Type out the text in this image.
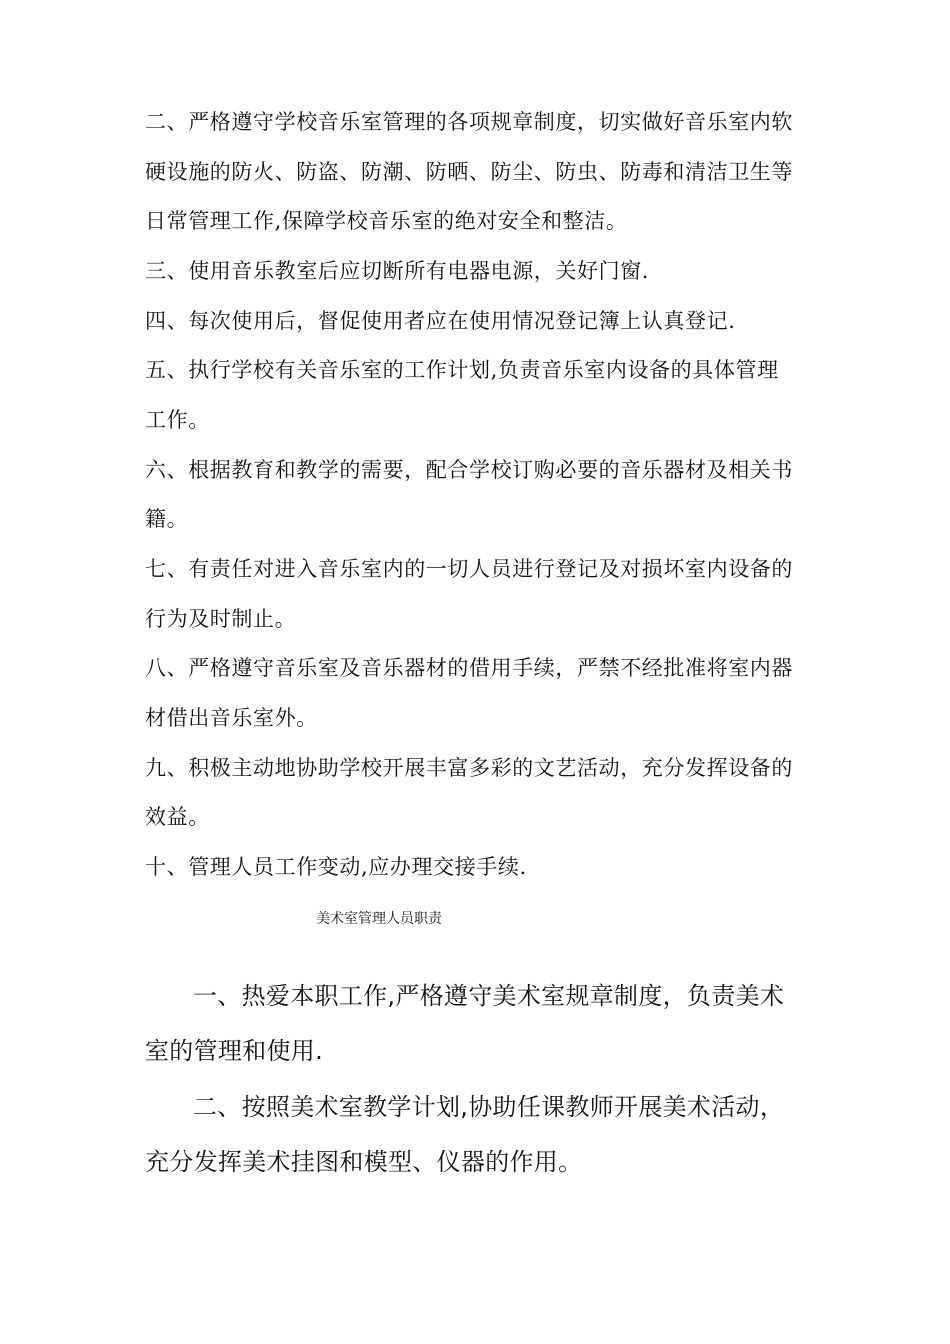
二、严格遵守学校音乐室管理的各项规章制度，切实做好音乐室内软
硬设施的防火、防盗、防潮、防晒、防尘、防虫、防毒和清洁卫生等
日常管理工作,保障学校音乐室的绝对安全和整洁。
三、使用音乐教室后应切断所有电器电源，关好门窗.
四、每次使用后，督促使用者应在使用情况登记簿上认真登记.
五、执行学校有关音乐室的工作计划,负责音乐室内设备的具体管理
工作。
六、根据教育和教学的需要，配合学校订购必要的音乐器材及相关书
籍。
七、有责任对进入音乐室内的一切人员进行登记及对损坏室内设备的
行为及时制止。
八、严格遵守音乐室及音乐器材的借用手续，严禁不经批准将室内器
材借出音乐室外。
九、积极主动地协助学校开展丰富多彩的文艺活动，充分发挥设备的
效益。
十、管理人员工作变动,应办理交接手续.
美术室管理人员职责
一、热爱本职工作,严格遵守美术室规章制度，负责美术
室的管理和使用.
二、按照美术室教学计划,协助任课教师开展美术活动，
充分发挥美术挂图和模型、仪器的作用。
